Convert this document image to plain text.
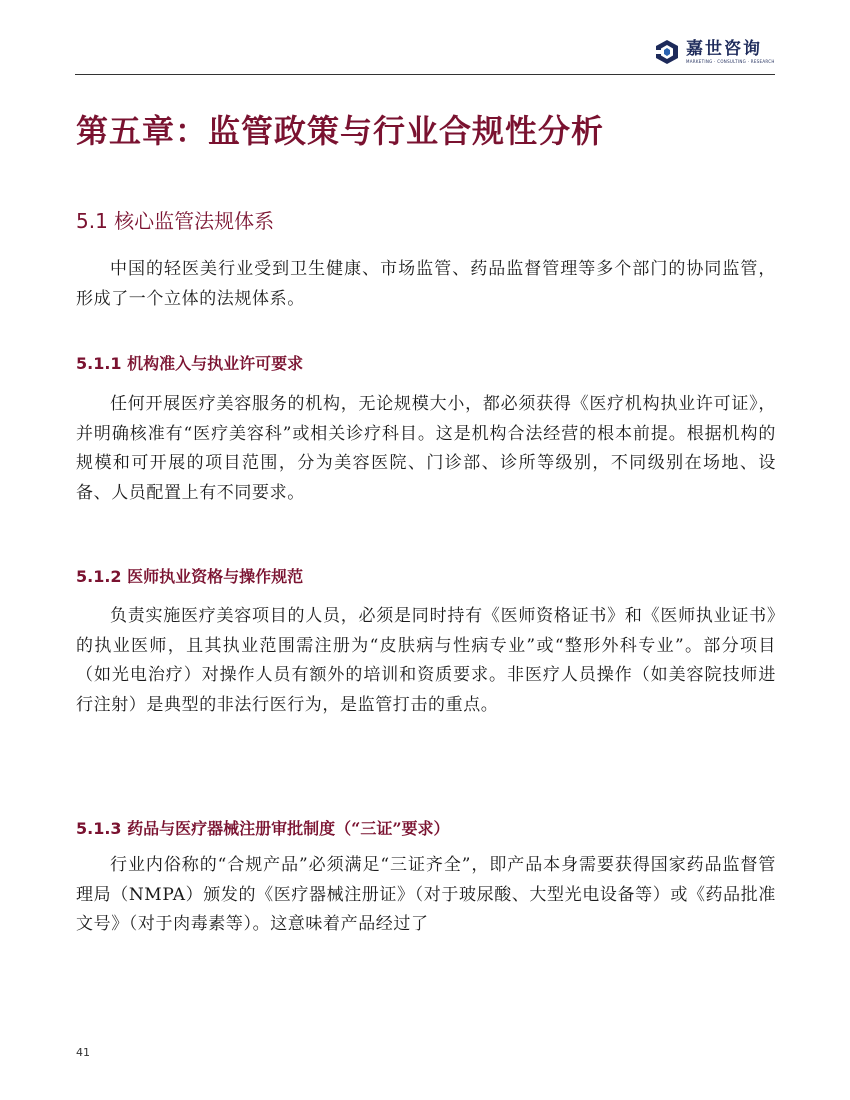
嘉世咨询
MARKETING · CONSULTING · RESEARCH
第五章：监管政策与行业合规性分析
5.1 核心监管法规体系

中国的轻医美行业受到卫生健康、市场监管、药品监督管理等多个部门的协同监管，形成了一个立体的法规体系。

5.1.1 机构准入与执业许可要求

任何开展医疗美容服务的机构，无论规模大小，都必须获得《医疗机构执业许可证》，并明确核准有“医疗美容科”或相关诊疗科目。这是机构合法经营的根本前提。根据机构的规模和可开展的项目范围，分为美容医院、门诊部、诊所等级别，不同级别在场地、设备、人员配置上有不同要求。

5.1.2 医师执业资格与操作规范

负责实施医疗美容项目的人员，必须是同时持有《医师资格证书》和《医师执业证书》的执业医师，且其执业范围需注册为“皮肤病与性病专业”或“整形外科专业”。部分项目（如光电治疗）对操作人员有额外的培训和资质要求。非医疗人员操作（如美容院技师进行注射）是典型的非法行医行为，是监管打击的重点。

5.1.3 药品与医疗器械注册审批制度（“三证”要求）

行业内俗称的“合规产品”必须满足“三证齐全”，即产品本身需要获得国家药品监督管理局（NMPA）颁发的《医疗器械注册证》（对于玻尿酸、大型光电设备等）或《药品批准文号》（对于肉毒素等）。这意味着产品经过了

41
